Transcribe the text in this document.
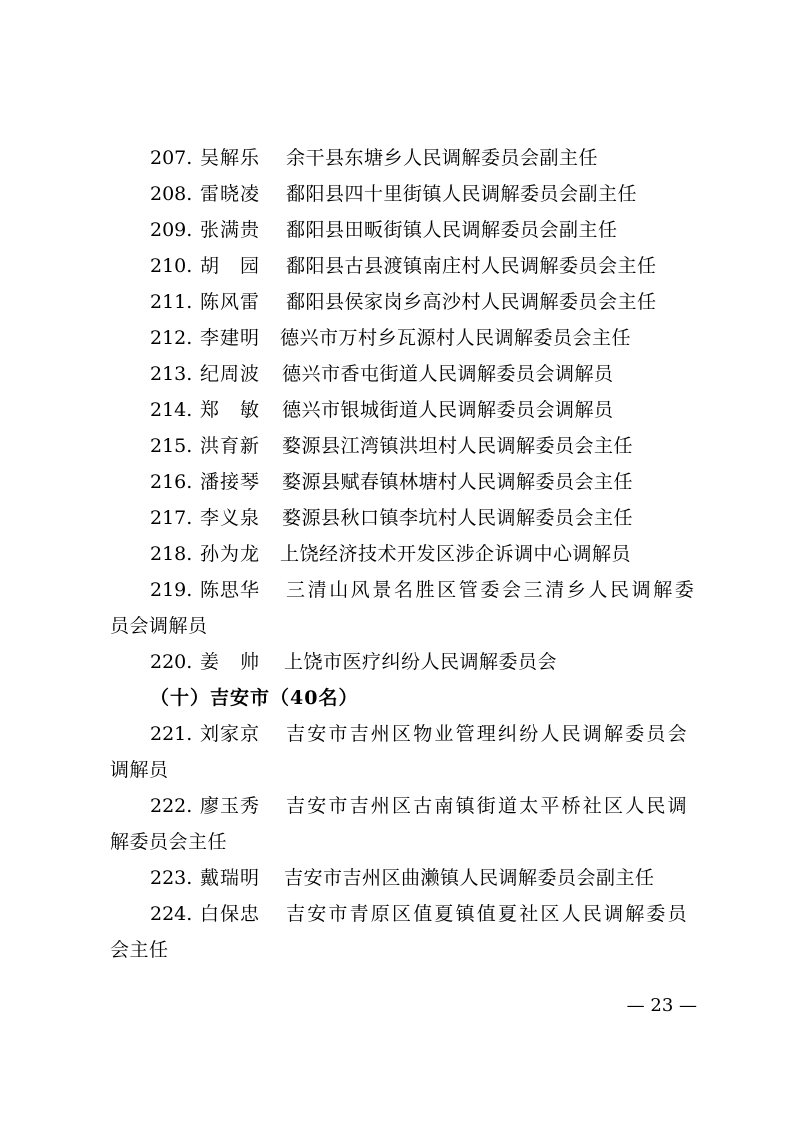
207. 吴解乐 余干县东塘乡人民调解委员会副主任
208. 雷晓凌 鄱阳县四十里街镇人民调解委员会副主任
209. 张满贵 鄱阳县田畈街镇人民调解委员会副主任
210. 胡　园 鄱阳县古县渡镇南庄村人民调解委员会主任
211. 陈风雷 鄱阳县侯家岗乡高沙村人民调解委员会主任
212. 李建明 德兴市万村乡瓦源村人民调解委员会主任
213. 纪周波 德兴市香屯街道人民调解委员会调解员
214. 郑　敏 德兴市银城街道人民调解委员会调解员
215. 洪育新 婺源县江湾镇洪坦村人民调解委员会主任
216. 潘接琴 婺源县赋春镇林塘村人民调解委员会主任
217. 李义泉 婺源县秋口镇李坑村人民调解委员会主任
218. 孙为龙 上饶经济技术开发区涉企诉调中心调解员
219. 陈思华 三清山风景名胜区管委会三清乡人民调解委
员会调解员
220. 姜　帅 上饶市医疗纠纷人民调解委员会
（十）吉安市（40名）
221. 刘家京 吉安市吉州区物业管理纠纷人民调解委员会
调解员
222. 廖玉秀 吉安市吉州区古南镇街道太平桥社区人民调
解委员会主任
223. 戴瑞明 吉安市吉州区曲濑镇人民调解委员会副主任
224. 白保忠 吉安市青原区值夏镇值夏社区人民调解委员
会主任
— 23 —
